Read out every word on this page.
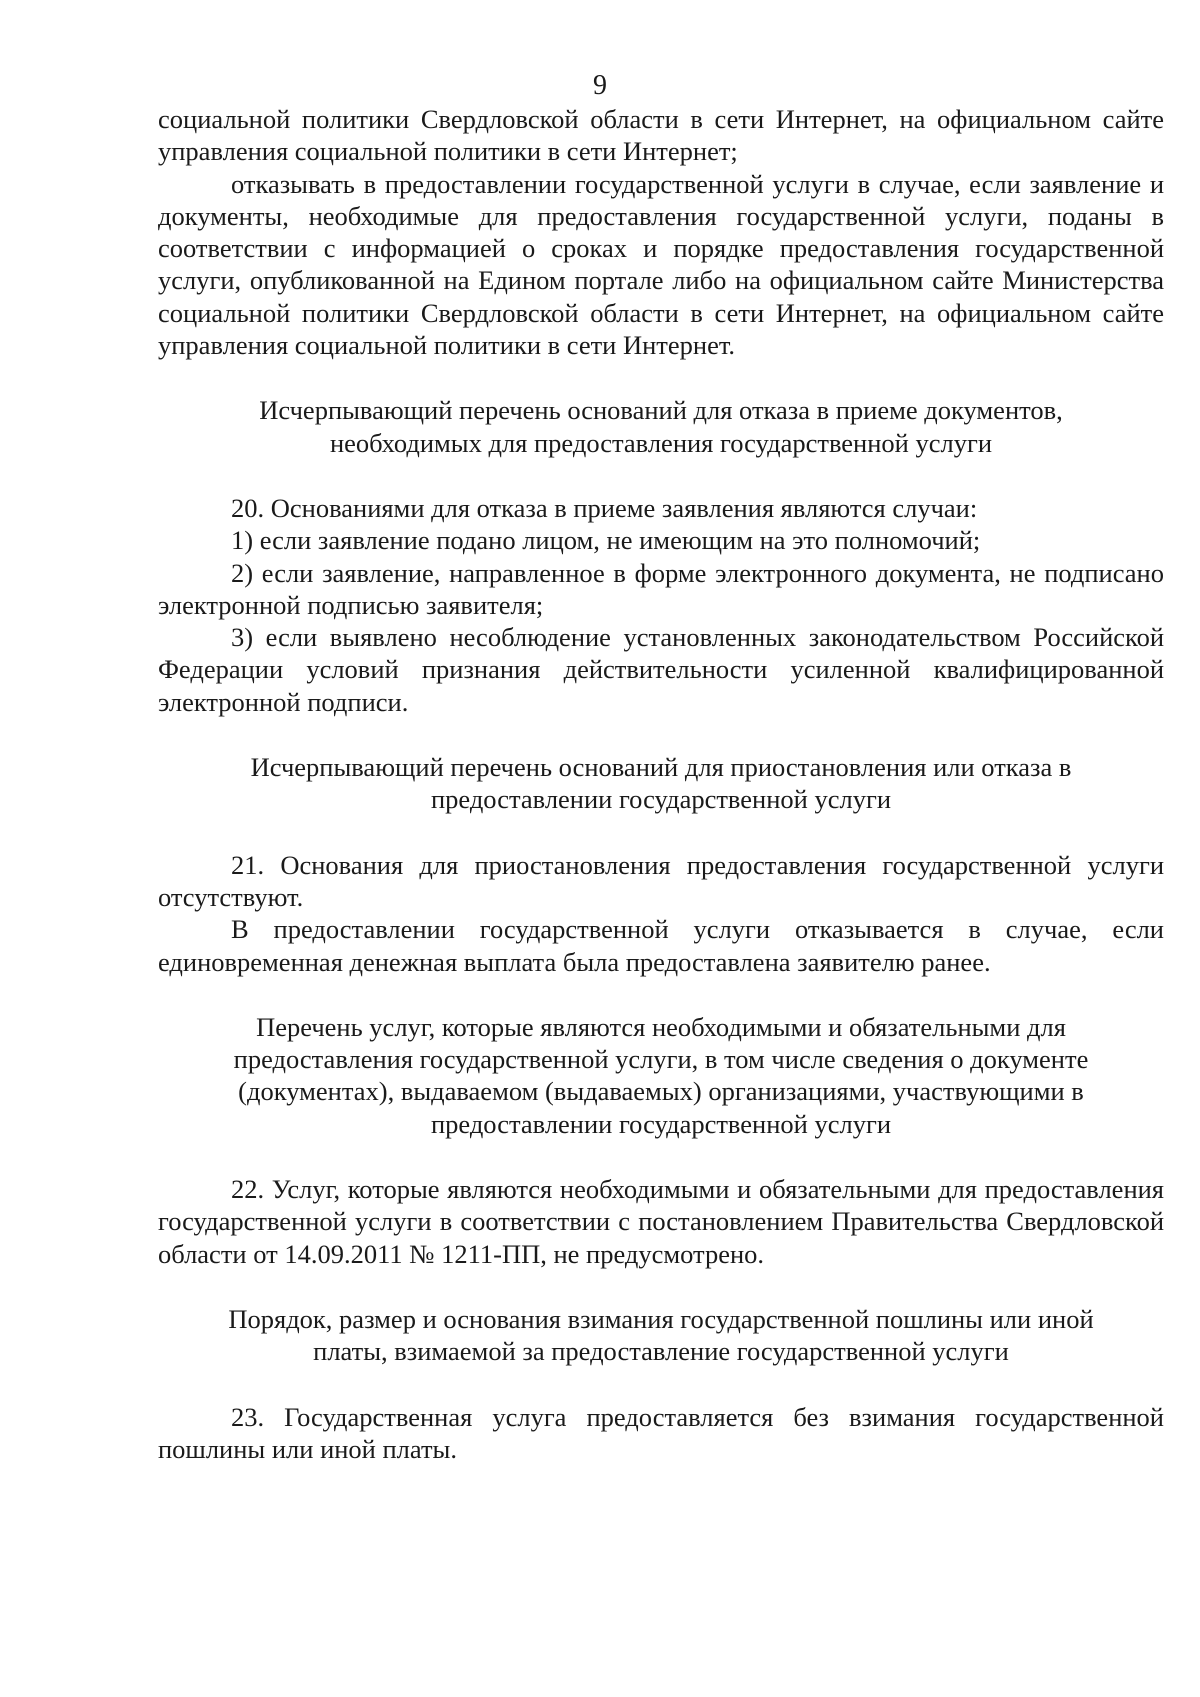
9

социальной политики Свердловской области в сети Интернет, на официальном сайте управления социальной политики в сети Интернет;

отказывать в предоставлении государственной услуги в случае, если заявление и документы, необходимые для предоставления государственной услуги, поданы в соответствии с информацией о сроках и порядке предоставления государственной услуги, опубликованной на Едином портале либо на официальном сайте Министерства социальной политики Свердловской области в сети Интернет, на официальном сайте управления социальной политики в сети Интернет.

Исчерпывающий перечень оснований для отказа в приеме документов, необходимых для предоставления государственной услуги

20. Основаниями для отказа в приеме заявления являются случаи:

1) если заявление подано лицом, не имеющим на это полномочий;

2) если заявление, направленное в форме электронного документа, не подписано электронной подписью заявителя;

3) если выявлено несоблюдение установленных законодательством Российской Федерации условий признания действительности усиленной квалифицированной электронной подписи.

Исчерпывающий перечень оснований для приостановления или отказа в предоставлении государственной услуги

21. Основания для приостановления предоставления государственной услуги отсутствуют.

В предоставлении государственной услуги отказывается в случае, если единовременная денежная выплата была предоставлена заявителю ранее.

Перечень услуг, которые являются необходимыми и обязательными для предоставления государственной услуги, в том числе сведения о документе (документах), выдаваемом (выдаваемых) организациями, участвующими в предоставлении государственной услуги

22. Услуг, которые являются необходимыми и обязательными для предоставления государственной услуги в соответствии с постановлением Правительства Свердловской области от 14.09.2011 № 1211-ПП, не предусмотрено.

Порядок, размер и основания взимания государственной пошлины или иной платы, взимаемой за предоставление государственной услуги

23. Государственная услуга предоставляется без взимания государственной пошлины или иной платы.
